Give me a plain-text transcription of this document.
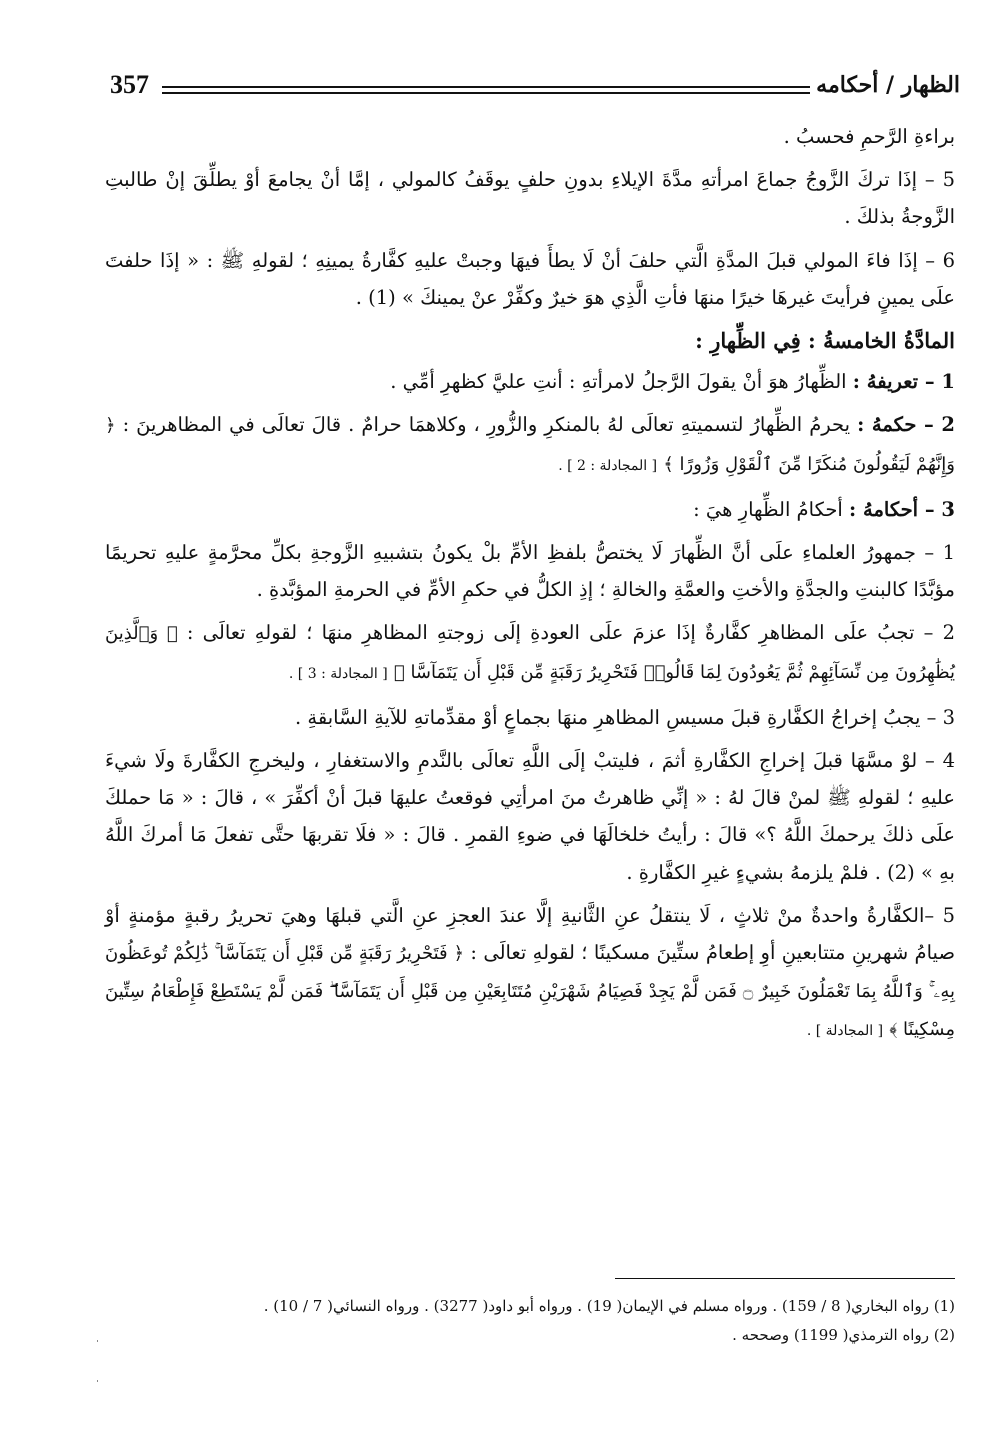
357	الظهار / أحكامه

براءةِ الرَّحمِ فحسبُ .

5 – إذَا تركَ الزَّوجُ جماعَ امرأتهِ مدَّةَ الإيلاءِ بدونِ حلفٍ يوقَفُ كالمولي ، إمَّا أنْ يجامعَ أوْ يطلِّقَ إنْ طالبتِ الزَّوجةُ بذلكَ .

6 – إذَا فاءَ المولي قبلَ المدَّةِ الَّتي حلفَ أنْ لَا يطأَ فيهَا وجبتْ عليهِ كفَّارةُ يمينِهِ ؛ لقولهِ ﷺ : « إذَا حلفتَ علَى يمينٍ فرأيتَ غيرهَا خيرًا منهَا فأتِ الَّذِي هوَ خيرٌ وكفِّرْ عنْ يمينكَ » (1) .

المادَّةُ الخامسةُ : فِي الظِّهارِ :

1 – تعريفهُ : الظِّهارُ هوَ أنْ يقولَ الرَّجلُ لامرأتهِ : أنتِ عليَّ كظهرِ أمِّي .

2 – حكمهُ : يحرمُ الظِّهارُ لتسميتهِ تعالَى لهُ بالمنكرِ والزُّورِ ، وكلاهمَا حرامٌ . قالَ تعالَى في المظاهرينَ : ﴿ وَإِنَّهُمْ لَيَقُولُونَ مُنكَرًا مِّنَ ٱلْقَوْلِ وَزُورًا ﴾ [ المجادلة : 2 ] .

3 – أحكامهُ : أحكامُ الظِّهارِ هيَ :

1 – جمهورُ العلماءِ علَى أنَّ الظِّهارَ لَا يختصُّ بلفظِ الأمِّ بلْ يكونُ بتشبيهِ الزَّوجةِ بكلِّ محرَّمةٍ عليهِ تحريمًا مؤبَّدًا كالبنتِ والجدَّةِ والأختِ والعمَّةِ والخالةِ ؛ إذِ الكلُّ في حكمِ الأمِّ في الحرمةِ المؤبَّدةِ .

2 – تجبُ علَى المظاهرِ كفَّارةٌ إذَا عزمَ علَى العودةِ إلَى زوجتهِ المظاهرِ منهَا ؛ لقولهِ تعالَى : ﴿ وَٱلَّذِينَ يُظَٰهِرُونَ مِن نِّسَآئِهِمْ ثُمَّ يَعُودُونَ لِمَا قَالُوا۟ فَتَحْرِيرُ رَقَبَةٍ مِّن قَبْلِ أَن يَتَمَآسَّا ﴾ [ المجادلة : 3 ] .

3 – يجبُ إخراجُ الكفَّارةِ قبلَ مسيسِ المظاهرِ منهَا بجماعٍ أوْ مقدِّماتهِ للآيةِ السَّابقةِ .

4 – لوْ مسَّهَا قبلَ إخراجِ الكفَّارةِ أثمَ ، فليتبْ إلَى اللَّهِ تعالَى بالنَّدمِ والاستغفارِ ، وليخرجِ الكفَّارةَ ولَا شيءَ عليهِ ؛ لقولهِ ﷺ لمنْ قالَ لهُ : « إنِّي ظاهرتُ منَ امرأتِي فوقعتُ عليهَا قبلَ أنْ أكفِّرَ » ، قالَ : « مَا حملكَ علَى ذلكَ يرحمكَ اللَّهُ ؟» قالَ : رأيتُ خلخالَهَا في ضوءِ القمرِ . قالَ : « فلَا تقربهَا حتَّى تفعلَ مَا أمركَ اللَّهُ بهِ » (2) . فلمْ يلزمهُ بشيءٍ غيرِ الكفَّارةِ .

5 –الكفَّارةُ واحدةٌ منْ ثلاثٍ ، لَا ينتقلُ عنِ الثَّانيةِ إلَّا عندَ العجزِ عنِ الَّتي قبلهَا وهيَ تحريرُ رقبةٍ مؤمنةٍ أوْ صيامُ شهرينِ متتابعينِ أوِ إطعامُ ستِّينَ مسكينًا ؛ لقولهِ تعالَى : ﴿ فَتَحْرِيرُ رَقَبَةٍ مِّن قَبْلِ أَن يَتَمَآسَّا ۚ ذَٰلِكُمْ تُوعَظُونَ بِهِۦ ۚ وَٱللَّهُ بِمَا تَعْمَلُونَ خَبِيرٌ ۝ فَمَن لَّمْ يَجِدْ فَصِيَامُ شَهْرَيْنِ مُتَتَابِعَيْنِ مِن قَبْلِ أَن يَتَمَآسَّا ۖ فَمَن لَّمْ يَسْتَطِعْ فَإِطْعَامُ سِتِّينَ مِسْكِينًا ﴾ [ المجادلة ] .

(1) رواه البخاري( 8 / 159) . ورواه مسلم في الإيمان( 19) . ورواه أبو داود( 3277) . ورواه النسائي( 7 / 10) .

(2) رواه الترمذي( 1199) وصححه .
